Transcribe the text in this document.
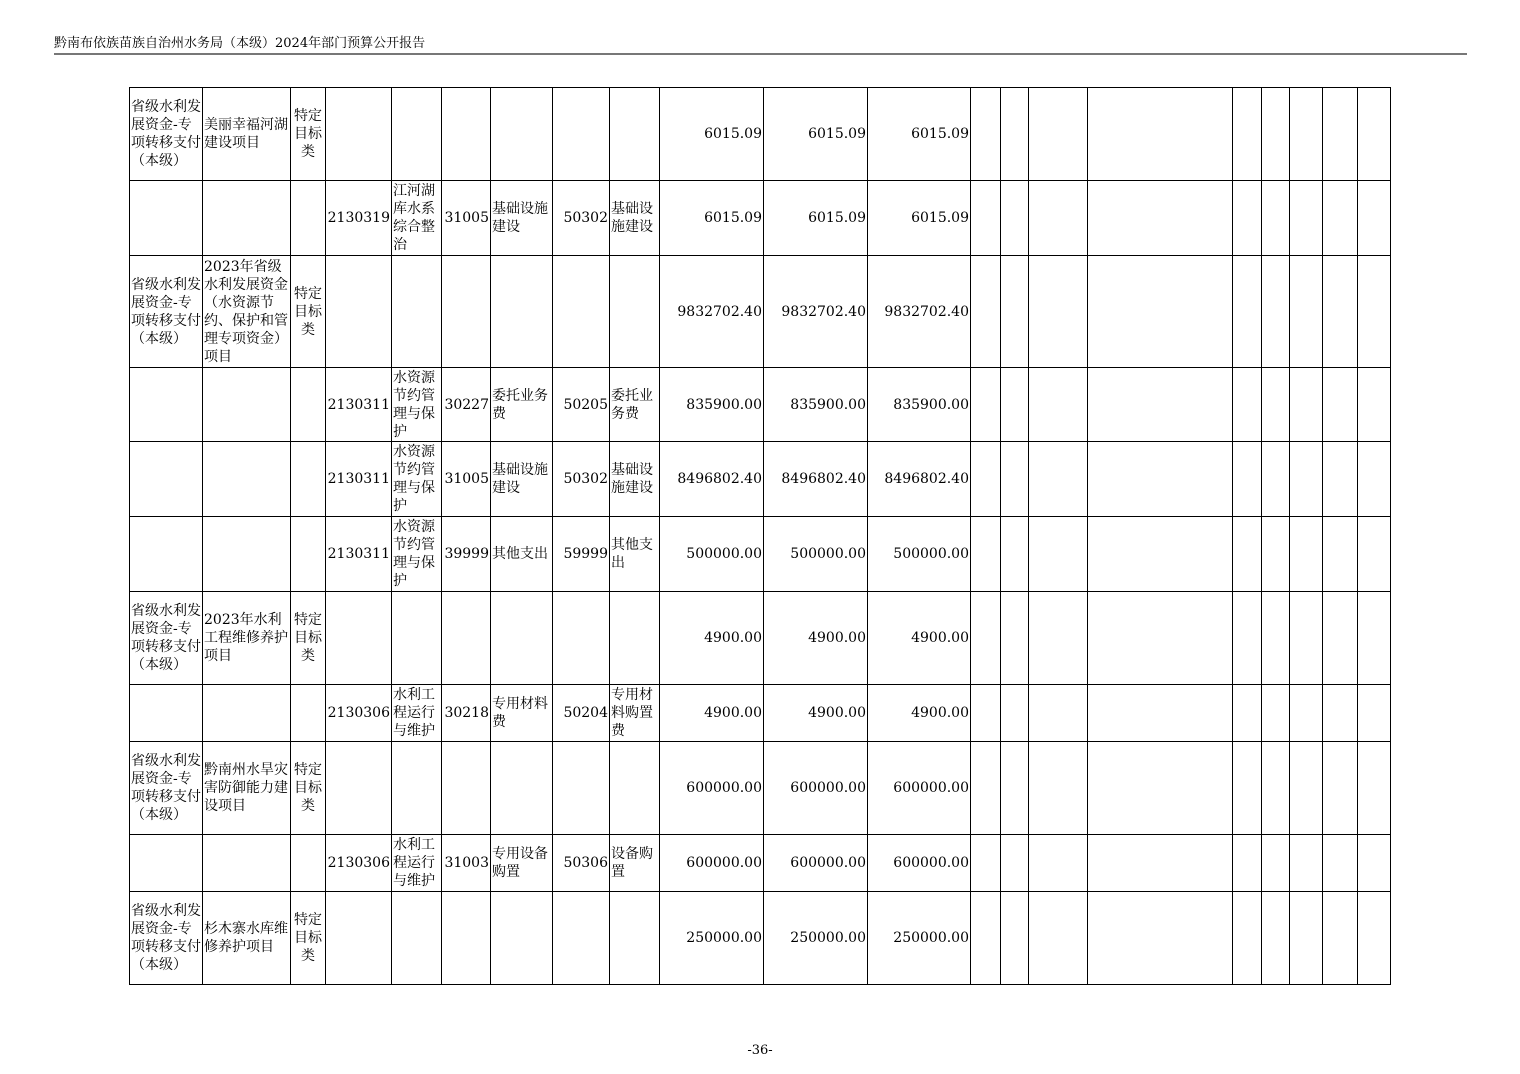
黔南布依族苗族自治州水务局（本级）2024年部门预算公开报告
省级水利发展资金-专项转移支付（本级）	美丽幸福河湖建设项目	特定目标类							6015.09	6015.09	6015.09									
			2130319	江河湖库水系综合整治	31005	基础设施建设	50302	基础设施建设	6015.09	6015.09	6015.09									
省级水利发展资金-专项转移支付（本级）	2023年省级水利发展资金（水资源节约、保护和管理专项资金）项目	特定目标类							9832702.40	9832702.40	9832702.40									
			2130311	水资源节约管理与保护	30227	委托业务费	50205	委托业务费	835900.00	835900.00	835900.00									
			2130311	水资源节约管理与保护	31005	基础设施建设	50302	基础设施建设	8496802.40	8496802.40	8496802.40									
			2130311	水资源节约管理与保护	39999	其他支出	59999	其他支出	500000.00	500000.00	500000.00									
省级水利发展资金-专项转移支付（本级）	2023年水利工程维修养护项目	特定目标类							4900.00	4900.00	4900.00									
			2130306	水利工程运行与维护	30218	专用材料费	50204	专用材料购置费	4900.00	4900.00	4900.00									
省级水利发展资金-专项转移支付（本级）	黔南州水旱灾害防御能力建设项目	特定目标类							600000.00	600000.00	600000.00									
			2130306	水利工程运行与维护	31003	专用设备购置	50306	设备购置	600000.00	600000.00	600000.00									
省级水利发展资金-专项转移支付（本级）	杉木寨水库维修养护项目	特定目标类							250000.00	250000.00	250000.00									
-36-
